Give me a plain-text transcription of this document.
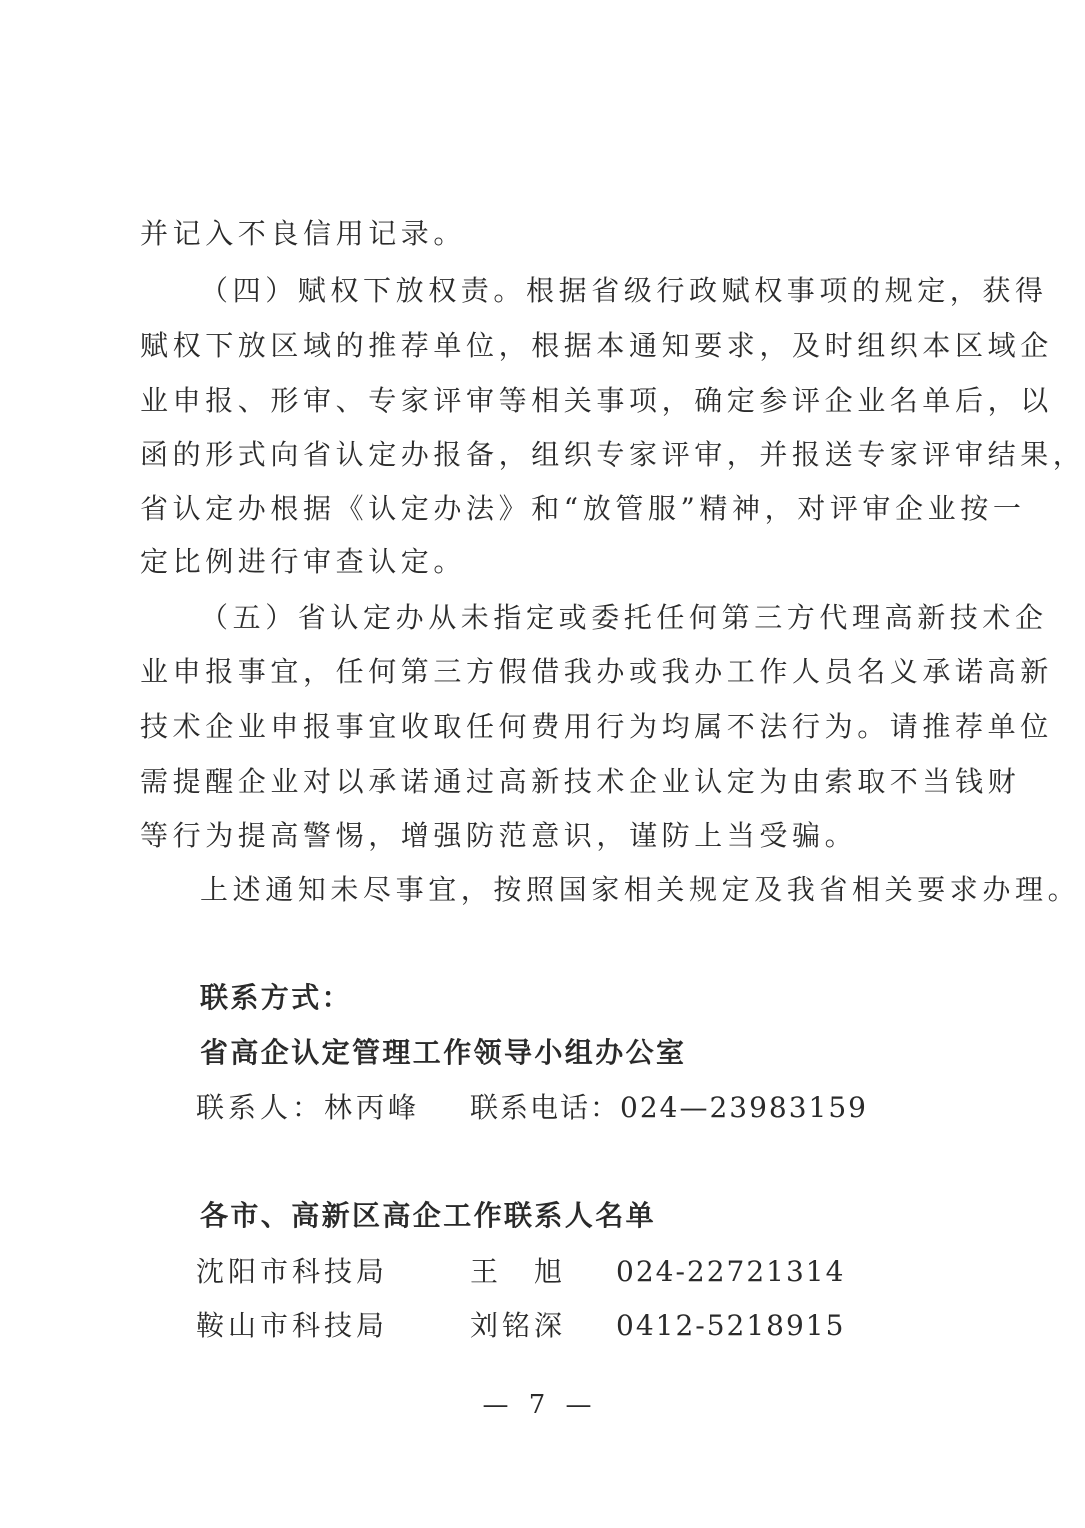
并记入不良信用记录。
（四）赋权下放权责。根据省级行政赋权事项的规定，获得
赋权下放区域的推荐单位，根据本通知要求，及时组织本区域企
业申报、形审、专家评审等相关事项，确定参评企业名单后，以
函的形式向省认定办报备，组织专家评审，并报送专家评审结果，
省认定办根据《认定办法》和“放管服”精神，对评审企业按一
定比例进行审查认定。
（五）省认定办从未指定或委托任何第三方代理高新技术企
业申报事宜，任何第三方假借我办或我办工作人员名义承诺高新
技术企业申报事宜收取任何费用行为均属不法行为。请推荐单位
需提醒企业对以承诺通过高新技术企业认定为由索取不当钱财
等行为提高警惕，增强防范意识，谨防上当受骗。
上述通知未尽事宜，按照国家相关规定及我省相关要求办理。
联系方式：
省高企认定管理工作领导小组办公室
联系人：林丙峰 联系电话：024—23983159
各市、高新区高企工作联系人名单
沈阳市科技局	王　旭 024-22721314
鞍山市科技局	刘铭深 0412-5218915
— 7 —
